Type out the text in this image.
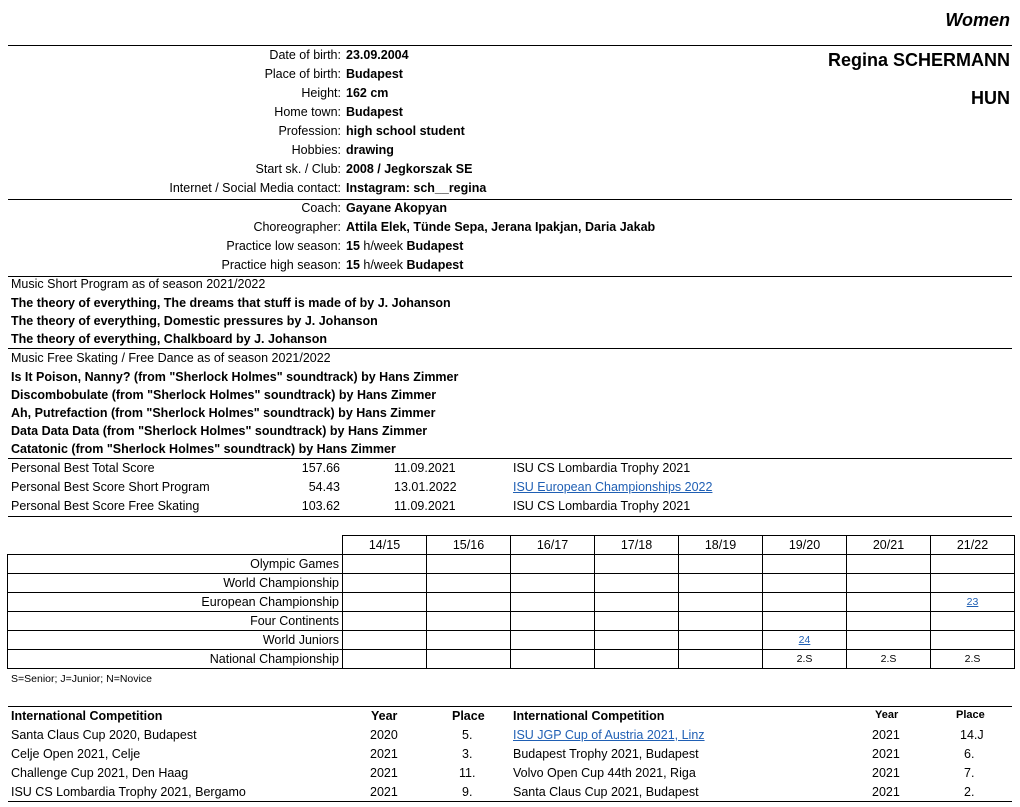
Women
Regina SCHERMANN
HUN
Date of birth: 23.09.2004
Place of birth: Budapest
Height: 162 cm
Home town: Budapest
Profession: high school student
Hobbies: drawing
Start sk. / Club: 2008 / Jegkorszak SE
Internet / Social Media contact: Instagram: sch__regina
Coach: Gayane Akopyan
Choreographer: Attila Elek, Tünde Sepa, Jerana Ipakjan, Daria Jakab
Practice low season: 15 h/week Budapest
Practice high season: 15 h/week Budapest
Music Short Program as of season 2021/2022
The theory of everything, The dreams that stuff is made of by J. Johanson
The theory of everything, Domestic pressures by J. Johanson
The theory of everything, Chalkboard by J. Johanson
Music Free Skating / Free Dance as of season 2021/2022
Is It Poison, Nanny? (from "Sherlock Holmes" soundtrack) by Hans Zimmer
Discombobulate (from "Sherlock Holmes" soundtrack) by Hans Zimmer
Ah, Putrefaction (from "Sherlock Holmes" soundtrack) by Hans Zimmer
Data Data Data (from "Sherlock Holmes" soundtrack) by Hans Zimmer
Catatonic (from "Sherlock Holmes" soundtrack) by Hans Zimmer
Personal Best Total Score	157.66	11.09.2021	ISU CS Lombardia Trophy 2021
Personal Best Score Short Program	54.43	13.01.2022	ISU European Championships 2022
Personal Best Score Free Skating	103.62	11.09.2021	ISU CS Lombardia Trophy 2021
	14/15	15/16	16/17	17/18	18/19	19/20	20/21	21/22
Olympic Games								
World Championship								
European Championship								23
Four Continents								
World Juniors						24		
National Championship						2.S	2.S	2.S
S=Senior; J=Junior; N=Novice
International Competition	Year	Place
Santa Claus Cup 2020, Budapest	2020	5.
Celje Open 2021, Celje	2021	3.
Challenge Cup 2021, Den Haag	2021	11.
ISU CS Lombardia Trophy 2021, Bergamo	2021	9.
International Competition	Year	Place
ISU JGP Cup of Austria 2021, Linz	2021	14.J
Budapest Trophy 2021, Budapest	2021	6.
Volvo Open Cup 44th 2021, Riga	2021	7.
Santa Claus Cup 2021, Budapest	2021	2.
